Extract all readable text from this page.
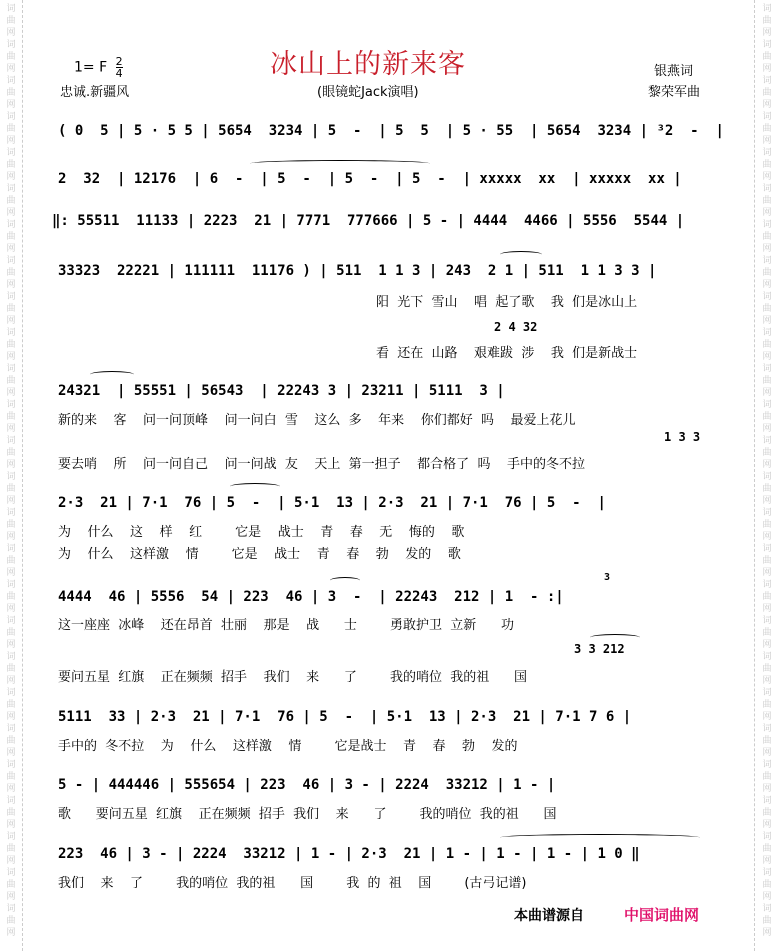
词
曲
网
词
曲
网
词
曲
网
词
曲
网
词
曲
网
词
曲
网
词
曲
网
词
曲
网
词
曲
网
词
曲
网
词
曲
网
词
曲
网
词
曲
网
词
曲
网
词
曲
网
词
曲
网
词
曲
网
词
曲
网
词
曲
网
词
曲
网
词
曲
网
词
曲
网
词
曲
网
词
曲
网
词
曲
网
词
曲
网
词
曲
网
词
曲
网
词
曲
网
词
曲
网
词
曲
网
词
曲
网
词
曲
网
词
曲
网
词
曲
网
词
曲
网
词
曲
网
词
曲
网
词
曲
网
词
曲
网
词
曲
网
词
曲
网
词
曲
网
词
曲
网
词
曲
网
词
曲
网
词
曲
网
词
曲
网
词
曲
网
词
曲
网
词
曲
网
词
曲
网
1= F $\frac{2}{4}$
忠诚.新疆风
冰山上的新来客
(眼镜蛇Jack演唱)
银燕词
黎荣军曲
( 0  5 | 5 · 5 5 | 5654  3234 | 5  -  | 5  5  | 5 · 55  | 5654  3234 | ³2  -  |
2  32  | 12176  | 6  -  | 5  -  | 5  -  | 5  -  | xxxxx  xx  | xxxxx  xx |
‖: 55511  11133 | 2223  21 | 7771  777666 | 5 - | 4444  4466 | 5556  5544 |
33323  22221 | 111111  11176 ) | 511  1 1 3 | 243  2 1 | 511  1 1 3 3 |
阳  光下  雪山    唱  起了歌    我  们是冰山上
2 4 32
看  还在  山路    艰难跋  涉    我  们是新战士
24321  | 55551 | 56543  | 22243 3 | 23211 | 5111  3 |
新的来    客    问一问顶峰    问一问白  雪    这么  多    年来    你们都好  吗    最爱上花儿
1 3 3
要去哨    所    问一问自己    问一问战  友    天上  第一担子    都合格了  吗    手中的冬不拉
2·3  21 | 7·1  76 | 5  -  | 5·1  13 | 2·3  21 | 7·1  76 | 5  -  |
为    什么    这    样    红        它是    战士    青    春    无    悔的    歌
为    什么    这样激    情        它是    战士    青    春    勃    发的    歌
4444  46 | 5556  54 | 223  46 | 3  -  | 22243  212 | 1  - :|
3
这一座座  冰峰    还在昂首  壮丽    那是    战      士        勇敢护卫  立新      功
3 3 212
要问五星  红旗    正在频频  招手    我们    来      了        我的哨位  我的祖      国
5111  33 | 2·3  21 | 7·1  76 | 5  -  | 5·1  13 | 2·3  21 | 7·1 7 6 |
手中的  冬不拉    为    什么    这样激    情        它是战士    青    春    勃    发的
5 - | 444446 | 555654 | 223  46 | 3 - | 2224  33212 | 1 - |
歌      要问五星  红旗    正在频频  招手  我们    来      了        我的哨位  我的祖      国
223  46 | 3 - | 2224  33212 | 1 - | 2·3  21 | 1 - | 1 - | 1 - | 1 0 ‖
我们    来    了        我的哨位  我的祖      国        我  的  祖    国        (古弓记谱)
本曲谱源自	中国词曲网
